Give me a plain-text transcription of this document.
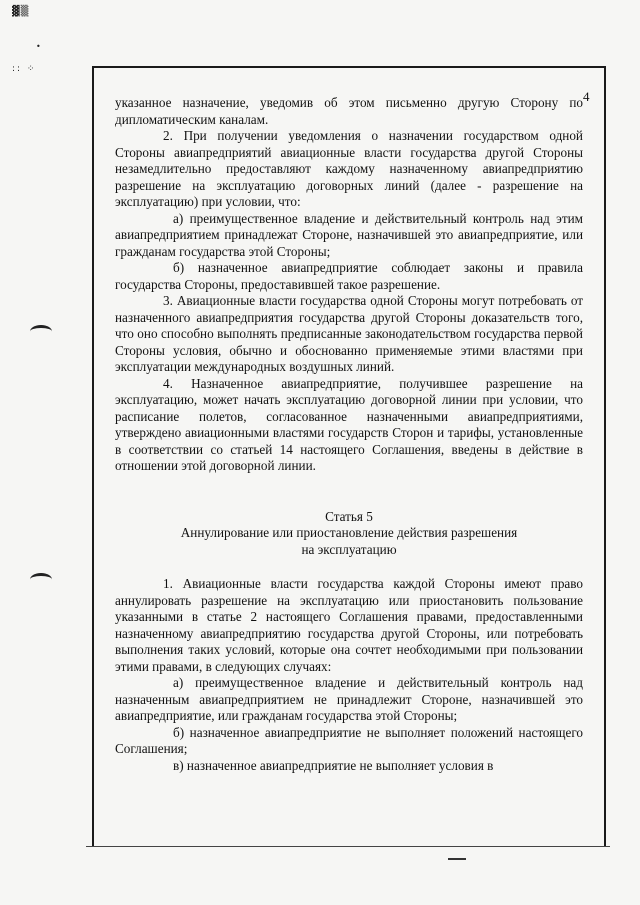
▓▒
•
:: ⁘
4

указанное назначение, уведомив об этом письменно другую Сторону по дипломатическим каналам.

2. При получении уведомления о назначении государством одной Стороны авиапредприятий авиационные власти государства другой Стороны незамедлительно предоставляют каждому назначенному авиапредприятию разрешение на эксплуатацию договорных линий (далее - разрешение на эксплуатацию) при условии, что:

а) преимущественное владение и действительный контроль над этим авиапредприятием принадлежат Стороне, назначившей это авиапредприятие, или гражданам государства этой Стороны;

б) назначенное авиапредприятие соблюдает законы и правила государства Стороны, предоставившей такое разрешение.

3. Авиационные власти государства одной Стороны могут потребовать от назначенного авиапредприятия государства другой Стороны доказательств того, что оно способно выполнять предписанные законодательством государства первой Стороны условия, обычно и обоснованно применяемые этими властями при эксплуатации международных воздушных линий.

4. Назначенное авиапредприятие, получившее разрешение на эксплуатацию, может начать эксплуатацию договорной линии при условии, что расписание полетов, согласованное назначенными авиапредприятиями, утверждено авиационными властями государств Сторон и тарифы, установленные в соответствии со статьей 14 настоящего Соглашения, введены в действие в отношении этой договорной линии.

Статья 5

Аннулирование или приостановление действия разрешения

на эксплуатацию

1. Авиационные власти государства каждой Стороны имеют право аннулировать разрешение на эксплуатацию или приостановить пользование указанными в статье 2 настоящего Соглашения правами, предоставленными назначенному авиапредприятию государства другой Стороны, или потребовать выполнения таких условий, которые она сочтет необходимыми при пользовании этими правами, в следующих случаях:

а) преимущественное владение и действительный контроль над назначенным авиапредприятием не принадлежит Стороне, назначившей это авиапредприятие, или гражданам государства этой Стороны;

б) назначенное авиапредприятие не выполняет положений настоящего Соглашения;

в) назначенное авиапредприятие не выполняет условия в
